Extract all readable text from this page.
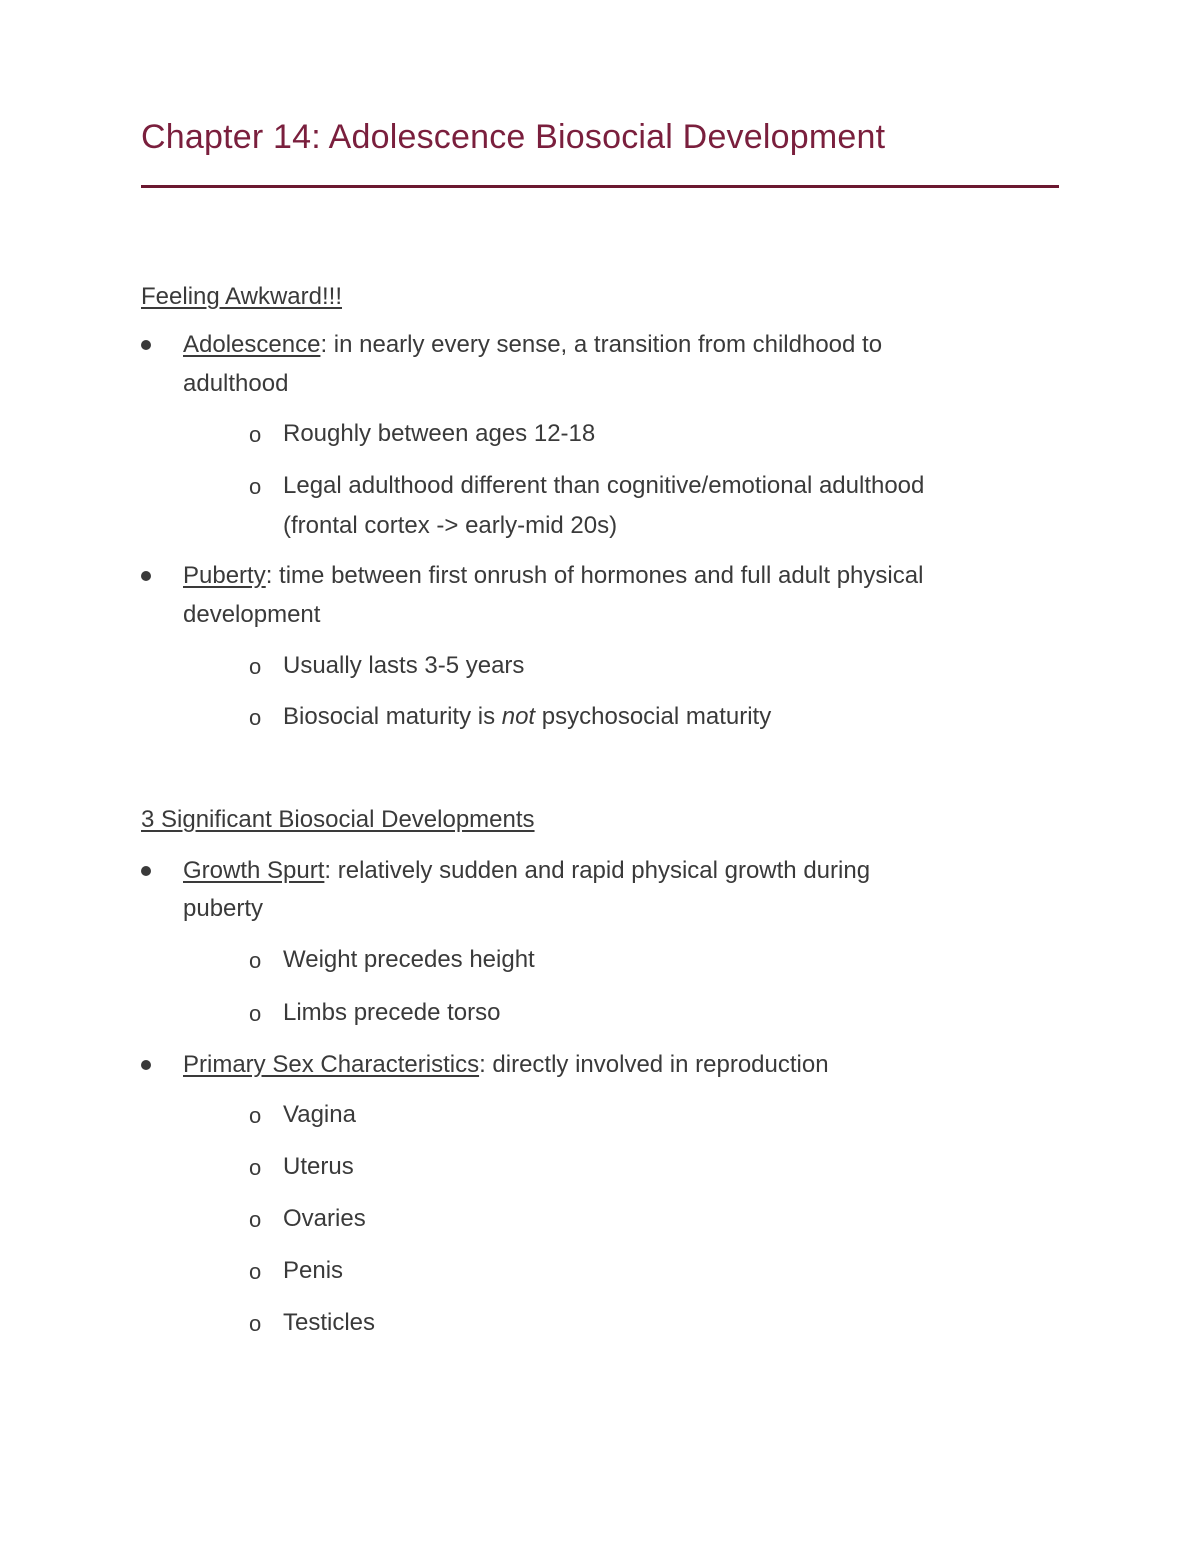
Chapter 14: Adolescence Biosocial Development
Feeling Awkward!!!
Adolescence: in nearly every sense, a transition from childhood to
adulthood
o Roughly between ages 12-18
o Legal adulthood different than cognitive/emotional adulthood
(frontal cortex -> early-mid 20s)
Puberty: time between first onrush of hormones and full adult physical
development
o Usually lasts 3-5 years
o Biosocial maturity is not psychosocial maturity
3 Significant Biosocial Developments
Growth Spurt: relatively sudden and rapid physical growth during
puberty
o Weight precedes height
o Limbs precede torso
Primary Sex Characteristics: directly involved in reproduction
o Vagina
o Uterus
o Ovaries
o Penis
o Testicles
